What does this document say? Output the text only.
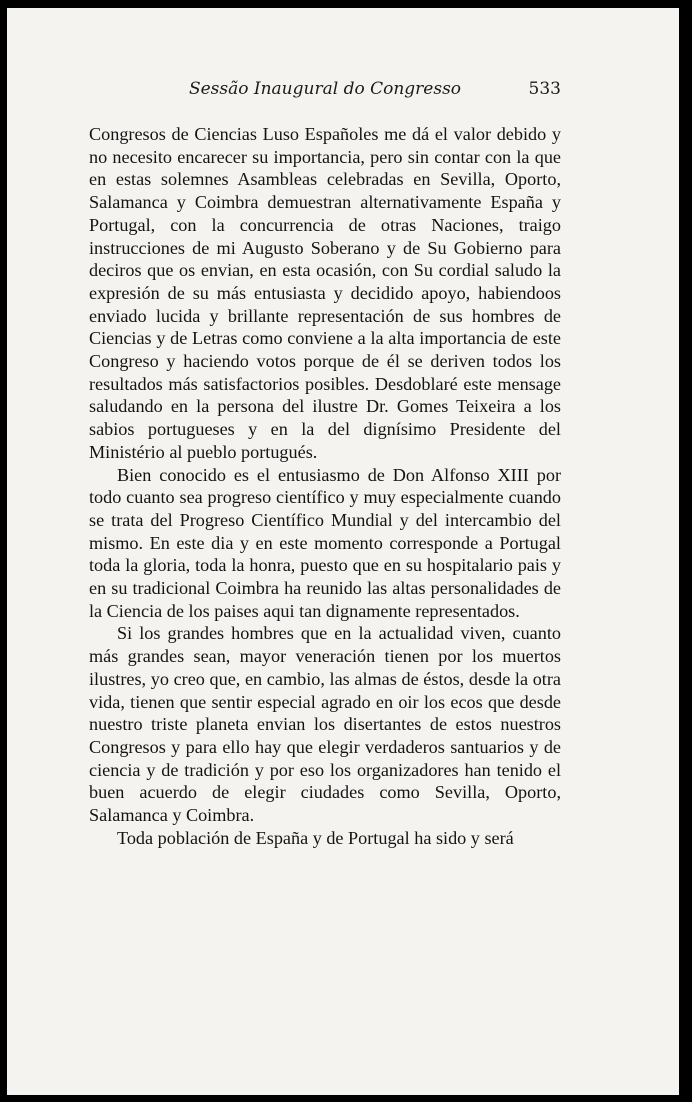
Sessão Inaugural do Congresso	533

Congresos de Ciencias Luso Españoles me dá el valor debido y no necesito encarecer su importancia, pero sin contar con la que en estas solemnes Asambleas celebradas en Sevilla, Oporto, Salamanca y Coimbra demuestran alternativamente España y Portugal, con la concurrencia de otras Naciones, traigo instrucciones de mi Augusto Soberano y de Su Gobierno para deciros que os envian, en esta ocasión, con Su cordial saludo la expresión de su más entusiasta y decidido apoyo, habiendoos enviado lucida y brillante representación de sus hombres de Ciencias y de Letras como conviene a la alta importancia de este Congreso y haciendo votos porque de él se deriven todos los resultados más satisfactorios posibles. Desdoblaré este mensage saludando en la persona del ilustre Dr. Gomes Teixeira a los sabios portugueses y en la del dignísimo Presidente del Ministério al pueblo portugués.

Bien conocido es el entusiasmo de Don Alfonso XIII por todo cuanto sea progreso científico y muy especialmente cuando se trata del Progreso Científico Mundial y del intercambio del mismo. En este dia y en este momento corresponde a Portugal toda la gloria, toda la honra, puesto que en su hospitalario pais y en su tradicional Coimbra ha reunido las altas personalidades de la Ciencia de los paises aqui tan dignamente representados.

Si los grandes hombres que en la actualidad viven, cuanto más grandes sean, mayor veneración tienen por los muertos ilustres, yo creo que, en cambio, las almas de éstos, desde la otra vida, tienen que sentir especial agrado en oir los ecos que desde nuestro triste planeta envian los disertantes de estos nuestros Congresos y para ello hay que elegir verdaderos santuarios y de ciencia y de tradición y por eso los organizadores han tenido el buen acuerdo de elegir ciudades como Sevilla, Oporto, Salamanca y Coimbra.

Toda población de España y de Portugal ha sido y será
